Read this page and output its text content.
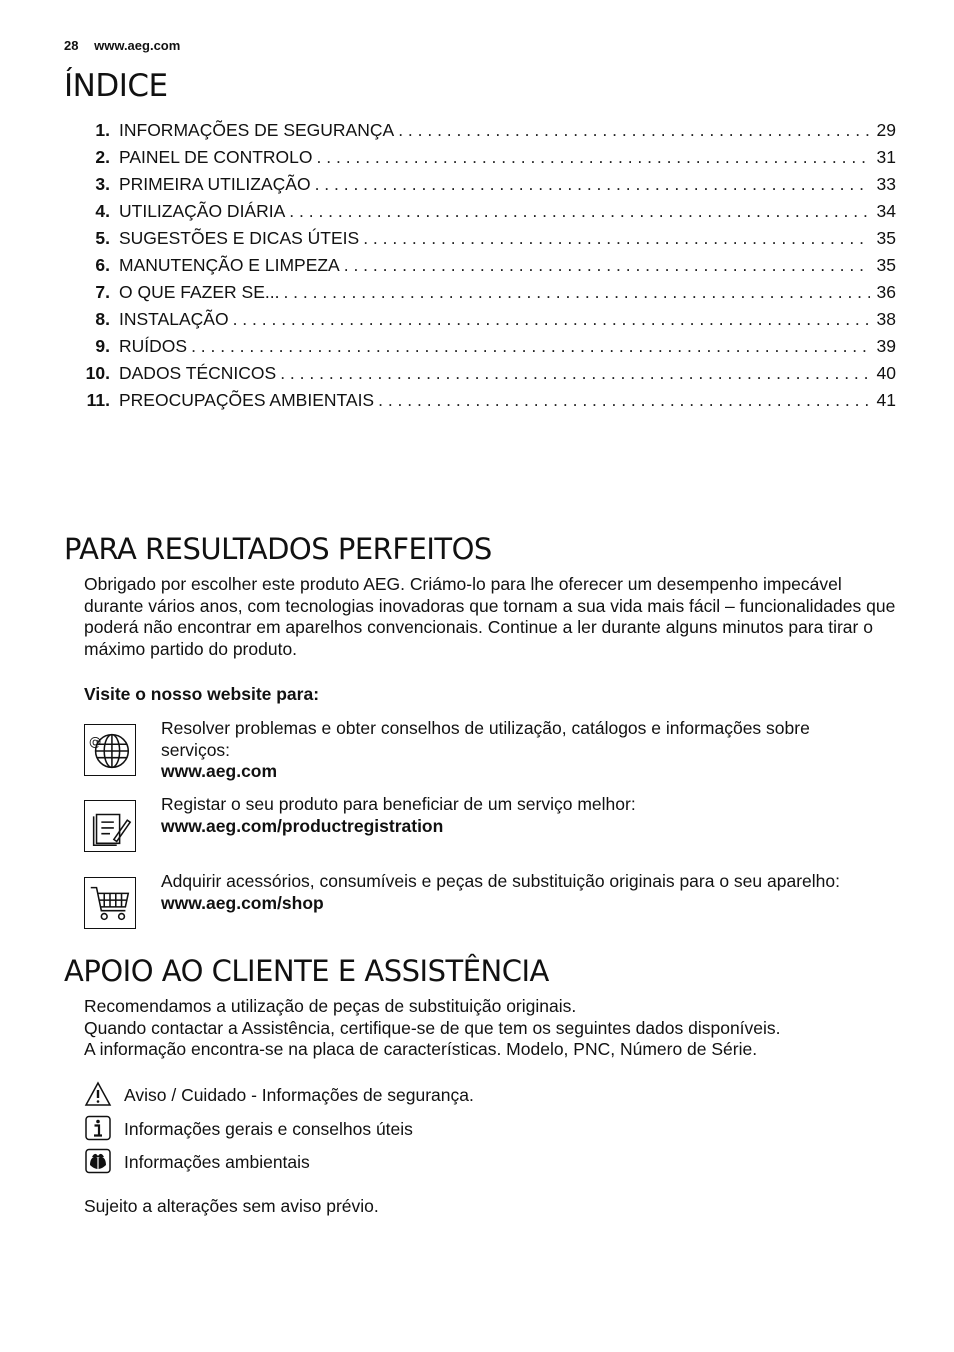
28 www.aeg.com
ÍNDICE
1. INFORMAÇÕES DE SEGURANÇA . . .	29
2. PAINEL DE CONTROLO . . .	31
3. PRIMEIRA UTILIZAÇÃO . . .	33
4. UTILIZAÇÃO DIÁRIA . . .	34
5. SUGESTÕES E DICAS ÚTEIS . . .	35
6. MANUTENÇÃO E LIMPEZA . . .	35
7. O QUE FAZER SE... . . .	36
8. INSTALAÇÃO . . .	38
9. RUÍDOS . . .	39
10. DADOS TÉCNICOS . . .	40
11. PREOCUPAÇÕES AMBIENTAIS . . .	41
PARA RESULTADOS PERFEITOS

Obrigado por escolher este produto AEG. Criámo-lo para lhe oferecer um desempenho impecável durante vários anos, com tecnologias inovadoras que tornam a sua vida mais fácil – funcionalidades que poderá não encontrar em aparelhos convencionais. Continue a ler durante alguns minutos para tirar o máximo partido do produto.

Visite o nosso website para:

@
Resolver problemas e obter conselhos de utilização, catálogos e informações sobre serviços:
www.aeg.com
Registar o seu produto para beneficiar de um serviço melhor:
www.aeg.com/productregistration
Adquirir acessórios, consumíveis e peças de substituição originais para o seu aparelho:
www.aeg.com/shop
APOIO AO CLIENTE E ASSISTÊNCIA

Recomendamos a utilização de peças de substituição originais.
Quando contactar a Assistência, certifique-se de que tem os seguintes dados disponíveis.
A informação encontra-se na placa de características. Modelo, PNC, Número de Série.

Aviso / Cuidado - Informações de segurança.
Informações gerais e conselhos úteis
Informações ambientais

Sujeito a alterações sem aviso prévio.
